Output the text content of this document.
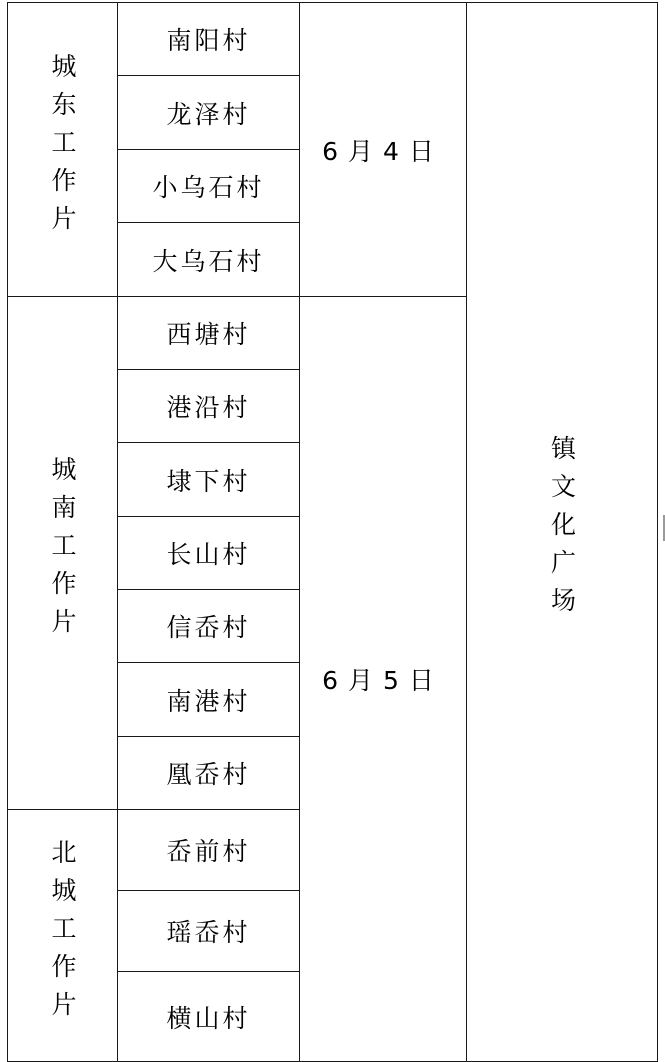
城东工作片	南阳村	6月4日	镇文化广场
	龙泽村		
	小乌石村		
	大乌石村		
城南工作片	西塘村	6月5日	
	港沿村		
	埭下村		
	长山村		
	信岙村		
	南港村		
	凰岙村		
北城工作片	岙前村		
	瑶岙村		
	横山村		
